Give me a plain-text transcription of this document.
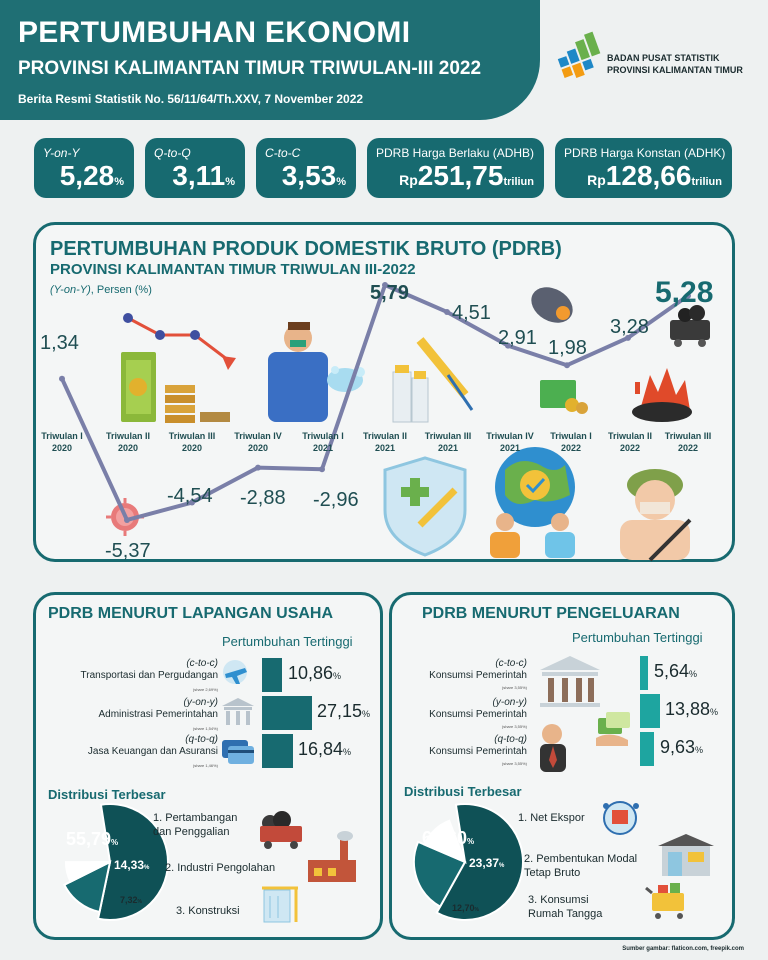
PERTUMBUHAN EKONOMI
PROVINSI KALIMANTAN TIMUR TRIWULAN-III 2022
Berita Resmi Statistik No. 56/11/64/Th.XXV, 7 November 2022
BADAN PUSAT STATISTIK
PROVINSI KALIMANTAN TIMUR
Y-on-Y
5,28%
Q-to-Q
3,11%
C-to-C
3,53%
PDRB Harga Berlaku (ADHB)
Rp251,75triliun
PDRB Harga Konstan (ADHK)
Rp128,66triliun
PERTUMBUHAN PRODUK DOMESTIK BRUTO (PDRB)
PROVINSI KALIMANTAN TIMUR TRIWULAN III-2022
(Y-on-Y), Persen (%)
1,34
-5,37
-4,54 -2,88 -2,96
5,79
4,51
2,91 1,98
3,28
5,28
Triwulan I
2020
Triwulan II
2020
Triwulan III
2020
Triwulan IV
2020
Triwulan I
2021
Triwulan II
2021
Triwulan III
2021
Triwulan IV
2021
Triwulan I
2022
Triwulan II
2022
Triwulan III
2022
PDRB MENURUT LAPANGAN USAHA
Pertumbuhan Tertinggi
(c-to-c)
Transportasi dan Pergudangan
(share 2,69%)
(y-on-y)
Administrasi Pemerintahan
(share 1,54%)
(q-to-q)
Jasa Keuangan dan Asuransi
(share 1,46%)
10,86%
27,15%
16,84%
Distribusi Terbesar
55,79%
14,33%
7,32%
1. Pertambangan
dan Penggalian
2. Industri Pengolahan
3. Konstruksi
PDRB MENURUT PENGELUARAN
Pertumbuhan Tertinggi
(c-to-c)
Konsumsi Pemerintah
(share 3,55%)
(y-on-y)
Konsumsi Pemerintah
(share 3,55%)
(q-to-q)
Konsumsi Pemerintah
(share 3,55%)
5,64%
13,88%
9,63%
Distribusi Terbesar
60,60%
23,37%
12,70%
1. Net Ekspor
2. Pembentukan Modal
Tetap Bruto
3. Konsumsi
Rumah Tangga
Sumber gambar: flaticon.com, freepik.com
